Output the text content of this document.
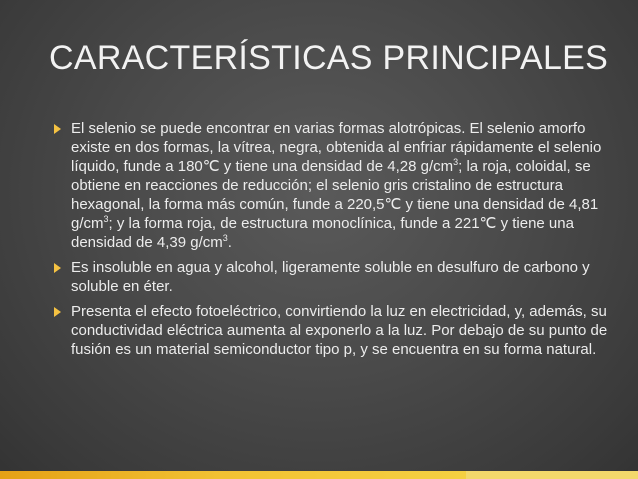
CARACTERÍSTICAS PRINCIPALES
El selenio se puede encontrar en varias formas alotrópicas. El selenio amorfo existe en dos formas, la vítrea, negra, obtenida al enfriar rápidamente el selenio líquido, funde a 180℃ y tiene una densidad de 4,28 $g/cm^3$; la roja, coloidal, se obtiene en reacciones de reducción; el selenio gris cristalino de estructura hexagonal, la forma más común, funde a 220,5℃ y tiene una densidad de 4,81 $g/cm^3$; y la forma roja, de estructura monoclínica, funde a 221℃ y tiene una densidad de 4,39 $g/cm^3$.
Es insoluble en agua y alcohol, ligeramente soluble en desulfuro de carbono y soluble en éter.
Presenta el efecto fotoeléctrico, convirtiendo la luz en electricidad, y, además, su conductividad eléctrica aumenta al exponerlo a la luz. Por debajo de su punto de fusión es un material semiconductor tipo p, y se encuentra en su forma natural.
